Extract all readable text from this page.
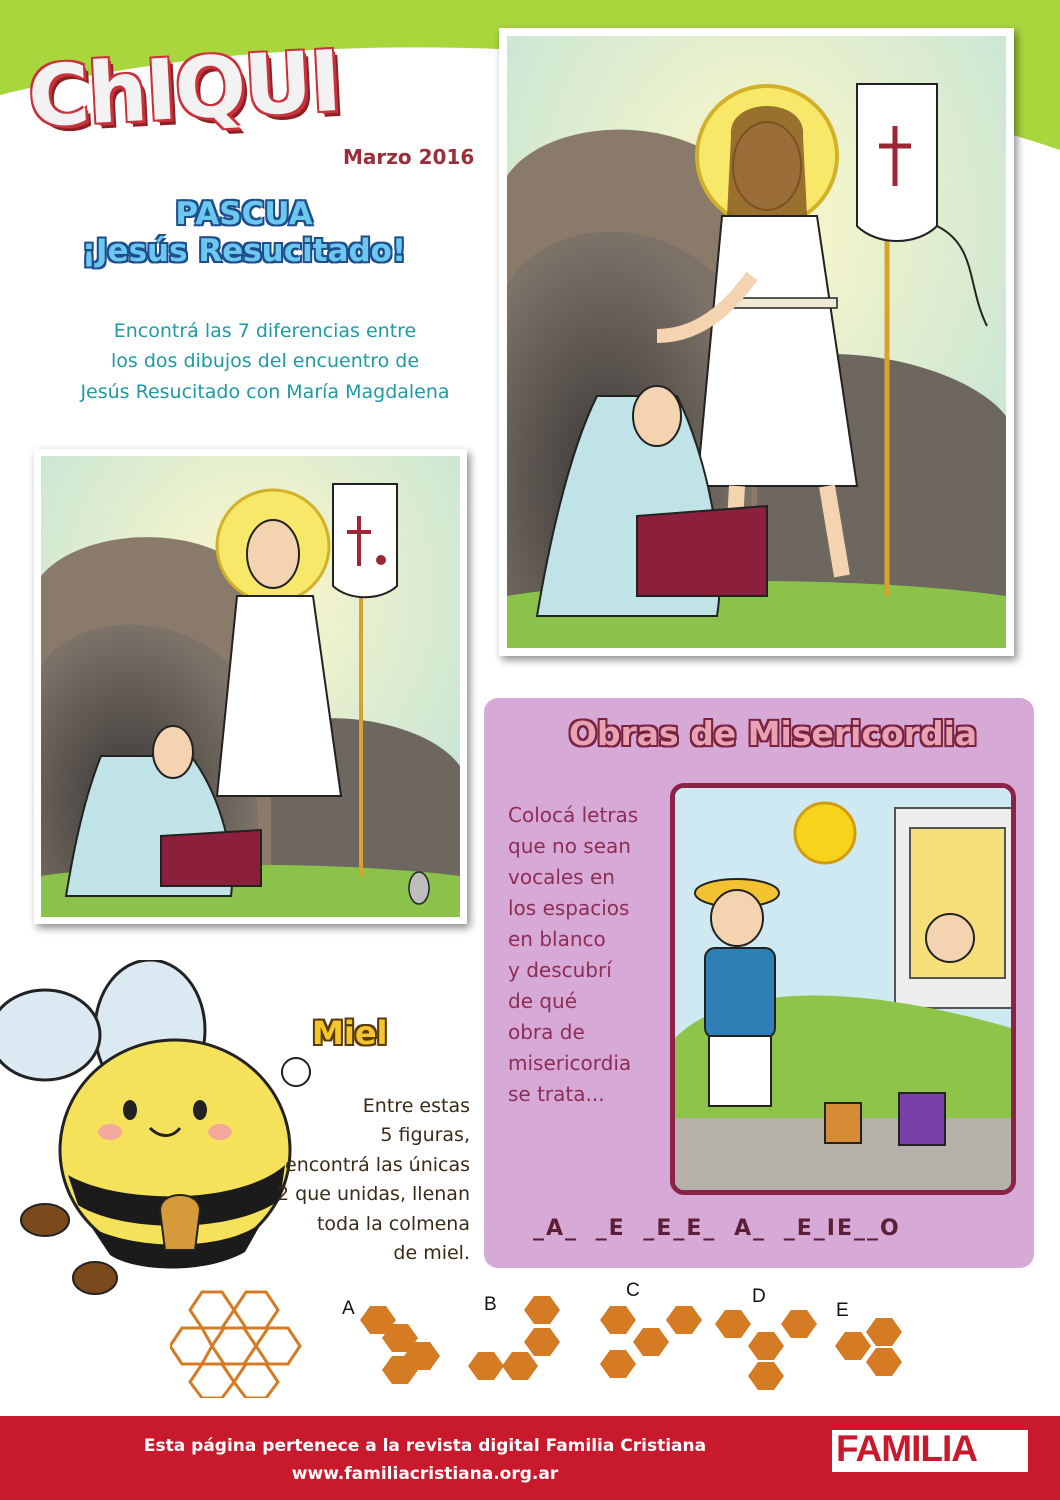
ChIQUI
Marzo 2016
PASCUA
¡Jesús Resucitado!
Encontrá las 7 diferencias entre
los dos dibujos del encuentro de
Jesús Resucitado con María Magdalena
Obras de Misericordia
Colocá letras
que no sean
vocales en
los espacios
en blanco
y descubrí
de qué
obra de
misericordia
se trata...
_A_ _E _E_E_ A_ _E_IE__O
Miel
Entre estas
5 figuras,
encontrá las únicas
2 que unidas, llenan
toda la colmena
de miel.
A	B
C	D
E
Esta página pertenece a la revista digital Familia Cristiana
www.familiacristiana.org.ar
FAMILIA
